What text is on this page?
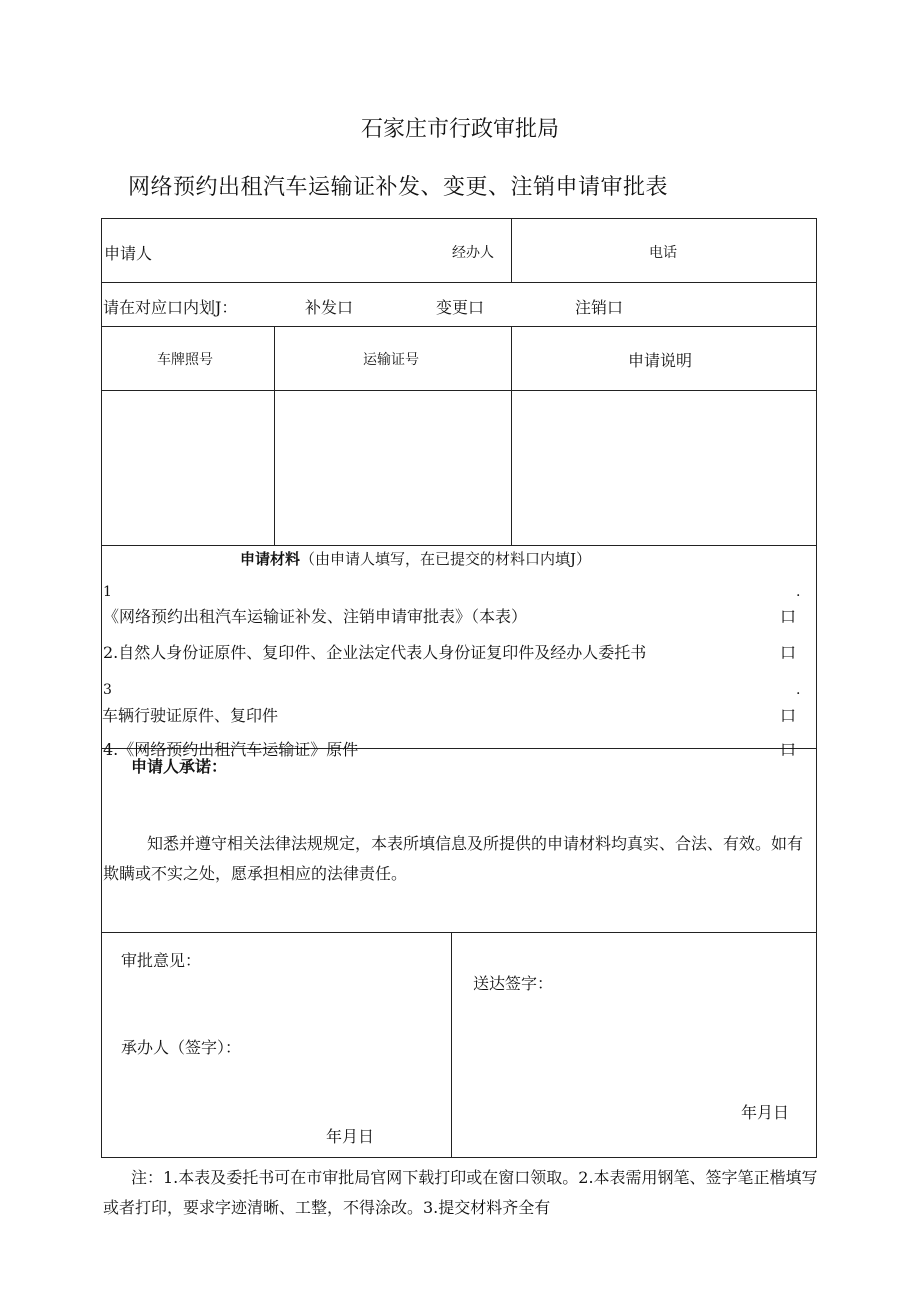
石家庄市行政审批局
网络预约出租汽车运输证补发、变更、注销申请审批表
申请人	经办人	电话
请在对应口内划J：	补发口	变更口	注销口
车牌照号	运输证号	申请说明
申请材料（由申请人填写，在已提交的材料口内填J）
1	.
《网络预约出租汽车运输证补发、注销申请审批表》（本表）	口
2.自然人身份证原件、复印件、企业法定代表人身份证复印件及经办人委托书	口
3	.
车辆行驶证原件、复印件	口
4.《网络预约出租汽车运输证》原件	口
申请人承诺：
知悉并遵守相关法律法规规定，本表所填信息及所提供的申请材料均真实、合法、有效。如有欺瞒或不实之处，愿承担相应的法律责任。
审批意见：
承办人（签字）：
年月日
送达签字：
年月日
注：1.本表及委托书可在市审批局官网下载打印或在窗口领取。2.本表需用钢笔、签字笔正楷填写或者打印，要求字迹清晰、工整，不得涂改。3.提交材料齐全有
